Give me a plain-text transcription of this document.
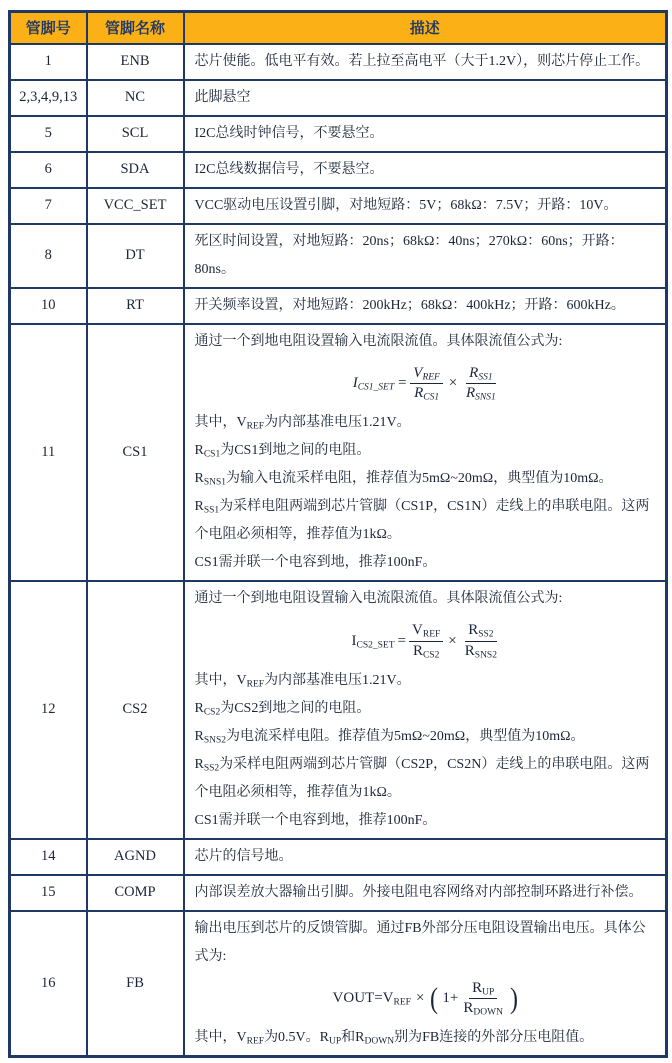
管脚号	管脚名称	描述
1	ENB	芯片使能。低电平有效。若上拉至高电平（大于1.2V），则芯片停止工作。

2,3,4,9,13	NC	此脚悬空

5	SCL	I2C总线时钟信号，不要悬空。

6	SDA	I2C总线数据信号，不要悬空。

7	VCC_SET	VCC驱动电压设置引脚，对地短路：5V；68kΩ：7.5V；开路：10V。

8	DT	死区时间设置，对地短路：20ns；68kΩ：40ns；270kΩ：60ns；开路：80ns。

10	RT	开关频率设置，对地短路：200kHz；68kΩ：400kHz；开路：600kHz。

11	CS1	
通过一个到地电阻设置输入电流限流值。具体限流值公式为:
$I_{CS1\_SET} = \frac{V_{REF}}{R_{CS1}} \times \frac{R_{SS1}}{R_{SNS1}}$
其中，$V_{REF}$为内部基准电压1.21V。
$R_{CS1}$为CS1到地之间的电阻。
$R_{SNS1}$为输入电流采样电阻，推荐值为5mΩ~20mΩ，典型值为10mΩ。
$R_{SS1}$为采样电阻两端到芯片管脚（CS1P，CS1N）走线上的串联电阻。这两个电阻必须相等，推荐值为1kΩ。
CS1需并联一个电容到地，推荐100nF。

12	CS2	
通过一个到地电阻设置输入电流限流值。具体限流值公式为:
$I_{CS2\_SET} = \frac{V_{REF}}{R_{CS2}} \times \frac{R_{SS2}}{R_{SNS2}}$
其中，$V_{REF}$为内部基准电压1.21V。
$R_{CS2}$为CS2到地之间的电阻。
$R_{SNS2}$为电流采样电阻。推荐值为5mΩ~20mΩ，典型值为10mΩ。
$R_{SS2}$为采样电阻两端到芯片管脚（CS2P，CS2N）走线上的串联电阻。这两个电阻必须相等，推荐值为1kΩ。
CS1需并联一个电容到地，推荐100nF。

14	AGND	芯片的信号地。

15	COMP	内部误差放大器输出引脚。外接电阻电容网络对内部控制环路进行补偿。

16	FB	
输出电压到芯片的反馈管脚。通过FB外部分压电阻设置输出电压。具体公式为:
$VOUT=V_{REF}$ × ( $1+ \frac{R_{UP}}{R_{DOWN}}$ )
其中，$V_{REF}$为0.5V。$R_{UP}$和$R_{DOWN}$别为FB连接的外部分压电阻值。
